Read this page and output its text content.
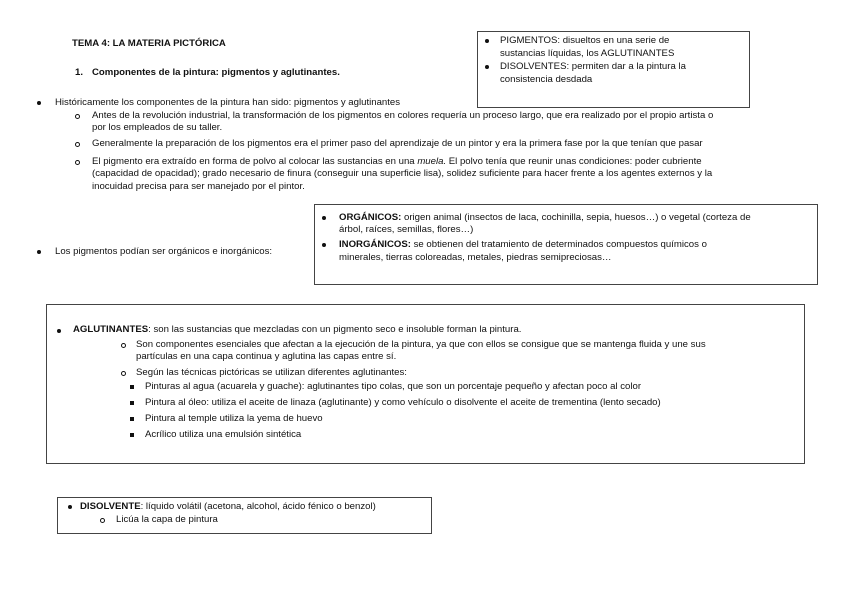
TEMA 4: LA MATERIA PICTÓRICA
1. Componentes de la pintura: pigmentos y aglutinantes.
PIGMENTOS: disueltos en una serie de
sustancias líquidas, los AGLUTINANTES
DISOLVENTES: permiten dar a la pintura la
consistencia desdada
Históricamente los componentes de la pintura han sido: pigmentos y aglutinantes
Antes de la revolución industrial, la transformación de los pigmentos en colores requería un proceso largo, que era realizado por el propio artista o
por los empleados de su taller.
Generalmente la preparación de los pigmentos era el primer paso del aprendizaje de un pintor y era la primera fase por la que tenían que pasar
El pigmento era extraído en forma de polvo al colocar las sustancias en una muela. El polvo tenía que reunir unas condiciones: poder cubriente
(capacidad de opacidad); grado necesario de finura (conseguir una superficie lisa), solidez suficiente para hacer frente a los agentes externos y la
inocuidad precisa para ser manejado por el pintor.
Los pigmentos podían ser orgánicos e inorgánicos:
ORGÁNICOS: origen animal (insectos de laca, cochinilla, sepia, huesos…) o vegetal (corteza de
árbol, raíces, semillas, flores…)
INORGÁNICOS: se obtienen del tratamiento de determinados compuestos químicos o
minerales, tierras coloreadas, metales, piedras semipreciosas…
AGLUTINANTES: son las sustancias que mezcladas con un pigmento seco e insoluble forman la pintura.
Son componentes esenciales que afectan a la ejecución de la pintura, ya que con ellos se consigue que se mantenga fluida y une sus
partículas en una capa continua y aglutina las capas entre sí.
Según las técnicas pictóricas se utilizan diferentes aglutinantes:
Pinturas al agua (acuarela y guache): aglutinantes tipo colas, que son un porcentaje pequeño y afectan poco al color
Pintura al óleo: utiliza el aceite de linaza (aglutinante) y como vehículo o disolvente el aceite de trementina (lento secado)
Pintura al temple utiliza la yema de huevo
Acrílico utiliza una emulsión sintética
DISOLVENTE: líquido volátil (acetona, alcohol, ácido fénico o benzol)
Licúa la capa de pintura
